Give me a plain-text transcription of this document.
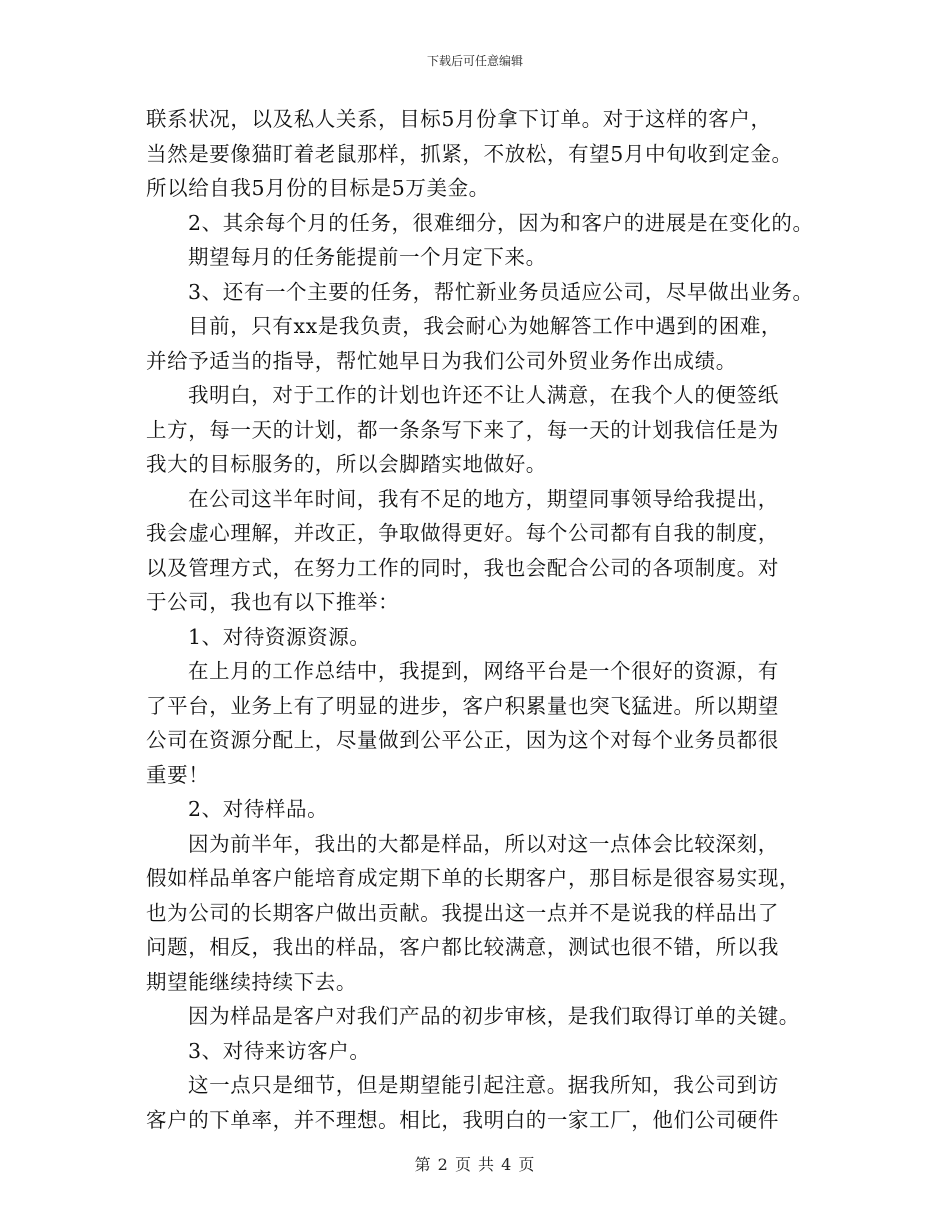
下载后可任意编辑
联系状况，以及私人关系，目标5月份拿下订单。对于这样的客户，
当然是要像猫盯着老鼠那样，抓紧，不放松，有望5月中旬收到定金。
所以给自我5月份的目标是5万美金。
2、其余每个月的任务，很难细分，因为和客户的进展是在变化的。
期望每月的任务能提前一个月定下来。
3、还有一个主要的任务，帮忙新业务员适应公司，尽早做出业务。
目前，只有xx是我负责，我会耐心为她解答工作中遇到的困难，
并给予适当的指导，帮忙她早日为我们公司外贸业务作出成绩。
我明白，对于工作的计划也许还不让人满意，在我个人的便签纸
上方，每一天的计划，都一条条写下来了，每一天的计划我信任是为
我大的目标服务的，所以会脚踏实地做好。
在公司这半年时间，我有不足的地方，期望同事领导给我提出，
我会虚心理解，并改正，争取做得更好。每个公司都有自我的制度，
以及管理方式，在努力工作的同时，我也会配合公司的各项制度。对
于公司，我也有以下推举：
1、对待资源资源。
在上月的工作总结中，我提到，网络平台是一个很好的资源，有
了平台，业务上有了明显的进步，客户积累量也突飞猛进。所以期望
公司在资源分配上，尽量做到公平公正，因为这个对每个业务员都很
重要！
2、对待样品。
因为前半年，我出的大都是样品，所以对这一点体会比较深刻，
假如样品单客户能培育成定期下单的长期客户，那目标是很容易实现，
也为公司的长期客户做出贡献。我提出这一点并不是说我的样品出了
问题，相反，我出的样品，客户都比较满意，测试也很不错，所以我
期望能继续持续下去。
因为样品是客户对我们产品的初步审核，是我们取得订单的关键。
3、对待来访客户。
这一点只是细节，但是期望能引起注意。据我所知，我公司到访
客户的下单率，并不理想。相比，我明白的一家工厂，他们公司硬件
第 2 页 共 4 页
